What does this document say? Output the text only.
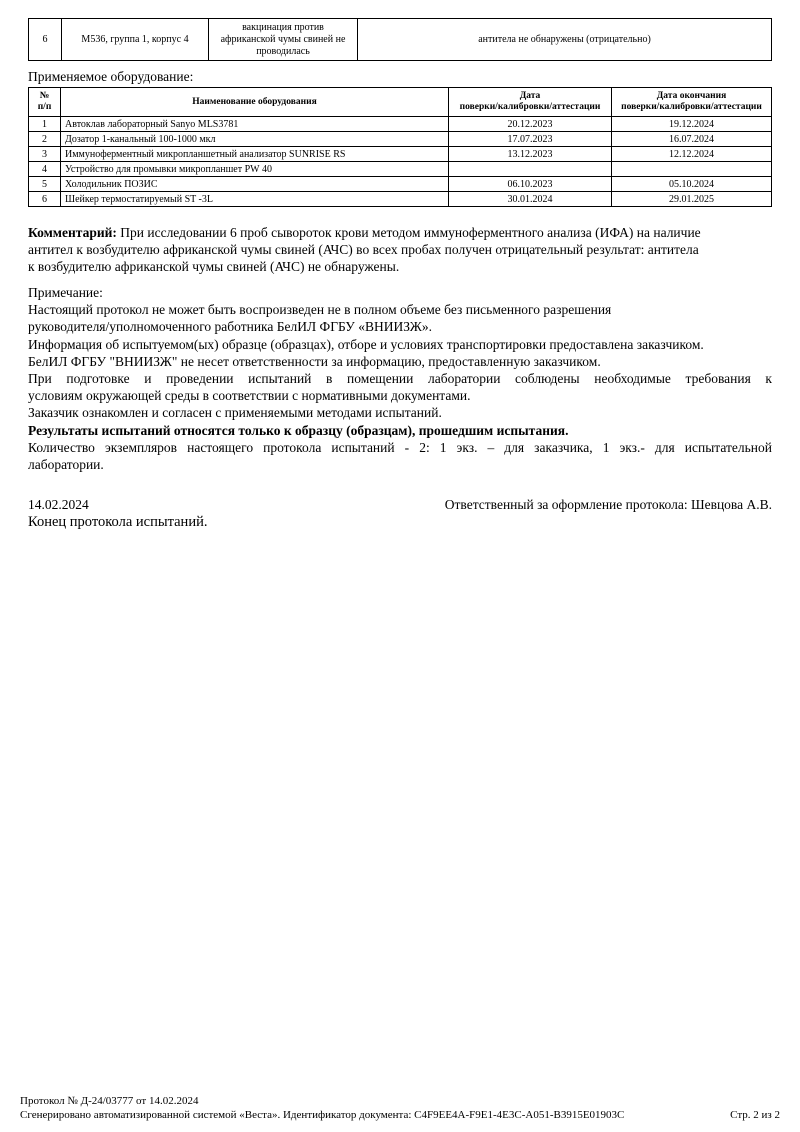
6	М536, группа 1, корпус 4	вакцинация против
африканской чумы свиней не
проводилась	антитела не обнаружены (отрицательно)
Применяемое оборудование:
№
п/п	Наименование оборудования	Дата
поверки/калибровки/аттестации	Дата окончания
поверки/калибровки/аттестации
1	Автоклав лабораторный Sanyo MLS3781	20.12.2023	19.12.2024
2	Дозатор 1-канальный 100-1000 мкл	17.07.2023	16.07.2024
3	Иммуноферментный микропланшетный анализатор SUNRISE RS	13.12.2023	12.12.2024
4	Устройство для промывки микропланшет PW 40		
5	Холодильник ПОЗИС	06.10.2023	05.10.2024
6	Шейкер термостатируемый ST -3L	30.01.2024	29.01.2025
Комментарий: При исследовании 6 проб сывороток крови методом иммуноферментного анализа (ИФА) на наличие
антител к возбудителю африканской чумы свиней (АЧС) во всех пробах получен отрицательный результат: антитела
к возбудителю африканской чумы свиней (АЧС) не обнаружены.
Примечание:
Настоящий протокол не может быть воспроизведен не в полном объеме без письменного разрешения
руководителя/уполномоченного работника БелИЛ ФГБУ «ВНИИЗЖ».
Информация об испытуемом(ых) образце (образцах), отборе и условиях транспортировки предоставлена заказчиком.
БелИЛ ФГБУ "ВНИИЗЖ" не несет ответственности за информацию, предоставленную заказчиком.
При подготовке и проведении испытаний в помещении лаборатории соблюдены необходимые требования к
условиям окружающей среды в соответствии с нормативными документами.
Заказчик ознакомлен и согласен с применяемыми методами испытаний.
Результаты испытаний относятся только к образцу (образцам), прошедшим испытания.
Количество экземпляров настоящего протокола испытаний - 2: 1 экз. – для заказчика, 1 экз.- для испытательной
лаборатории.
14.02.2024	Ответственный за оформление протокола: Шевцова А.В.
Конец протокола испытаний.
Протокол № Д-24/03777 от 14.02.2024
Сгенерировано автоматизированной системой «Веста». Идентификатор документа: C4F9EE4A-F9E1-4E3C-A051-B3915E01903C	Стр. 2 из 2
